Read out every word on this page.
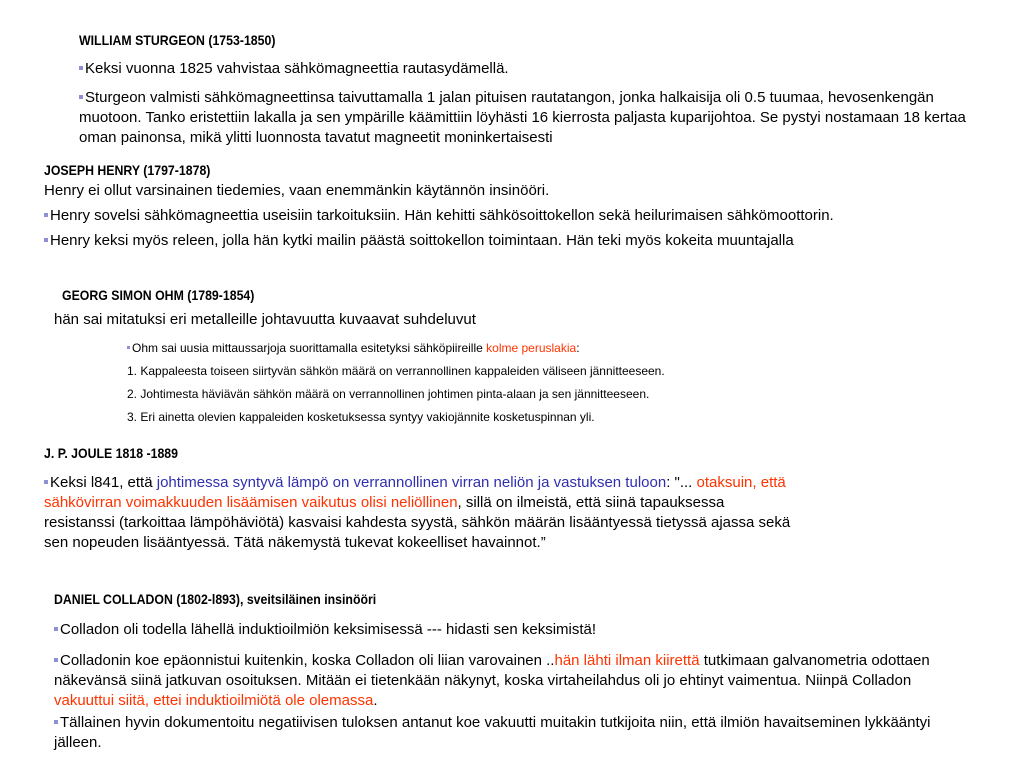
WILLIAM STURGEON (1753-1850)

Keksi vuonna 1825 vahvistaa sähkömagneettia rautasydämellä.

Sturgeon valmisti sähkömagneettinsa taivuttamalla 1 jalan pituisen rautatangon, jonka halkaisija oli 0.5 tuumaa, hevosenkengän muotoon. Tanko eristettiin lakalla ja sen ympärille käämittiin löyhästi 16 kierrosta paljasta kuparijohtoa. Se pystyi nostamaan 18 kertaa oman painonsa, mikä ylitti luonnosta tavatut magneetit moninkertaisesti

JOSEPH HENRY (1797-1878)

Henry ei ollut varsinainen tiedemies, vaan enemmänkin käytännön insinööri.

Henry sovelsi sähkömagneettia useisiin tarkoituksiin. Hän kehitti sähkösoittokellon sekä heilurimaisen sähkömoottorin.

Henry keksi myös releen, jolla hän kytki mailin päästä soittokellon toimintaan. Hän teki myös kokeita muuntajalla

GEORG SIMON OHM (1789-1854)

hän sai mitatuksi eri metalleille johtavuutta kuvaavat suhdeluvut

Ohm sai uusia mittaussarjoja suorittamalla esitetyksi sähköpiireille kolme peruslakia:

1. Kappaleesta toiseen siirtyvän sähkön määrä on verrannollinen kappaleiden väliseen jännitteeseen.

2. Johtimesta häviävän sähkön määrä on verrannollinen johtimen pinta-alaan ja sen jännitteeseen.

3. Eri ainetta olevien kappaleiden kosketuksessa syntyy vakiojännite kosketuspinnan yli.

J. P. JOULE 1818 -1889

Keksi l841, että johtimessa syntyvä lämpö on verrannollinen virran neliön ja vastuksen tuloon: "... otaksuin, että sähkövirran voimakkuuden lisäämisen vaikutus olisi neliöllinen, sillä on ilmeistä, että siinä tapauksessa resistanssi (tarkoittaa lämpöhäviötä) kasvaisi kahdesta syystä, sähkön määrän lisääntyessä tietyssä ajassa sekä sen nopeuden lisääntyessä. Tätä näkemystä tukevat kokeelliset havainnot.”

DANIEL COLLADON (1802-l893), sveitsiläinen insinööri

Colladon oli todella lähellä induktioilmiön keksimisessä --- hidasti sen keksimistä!

Colladonin koe epäonnistui kuitenkin, koska Colladon oli liian varovainen ..hän lähti ilman kiirettä tutkimaan galvanometria odottaen näkevänsä siinä jatkuvan osoituksen. Mitään ei tietenkään näkynyt, koska virtaheilahdus oli jo ehtinyt vaimentua. Niinpä Colladon vakuuttui siitä, ettei induktioilmiötä ole olemassa.

Tällainen hyvin dokumentoitu negatiivisen tuloksen antanut koe vakuutti muitakin tutkijoita niin, että ilmiön havaitseminen lykkääntyi jälleen.
